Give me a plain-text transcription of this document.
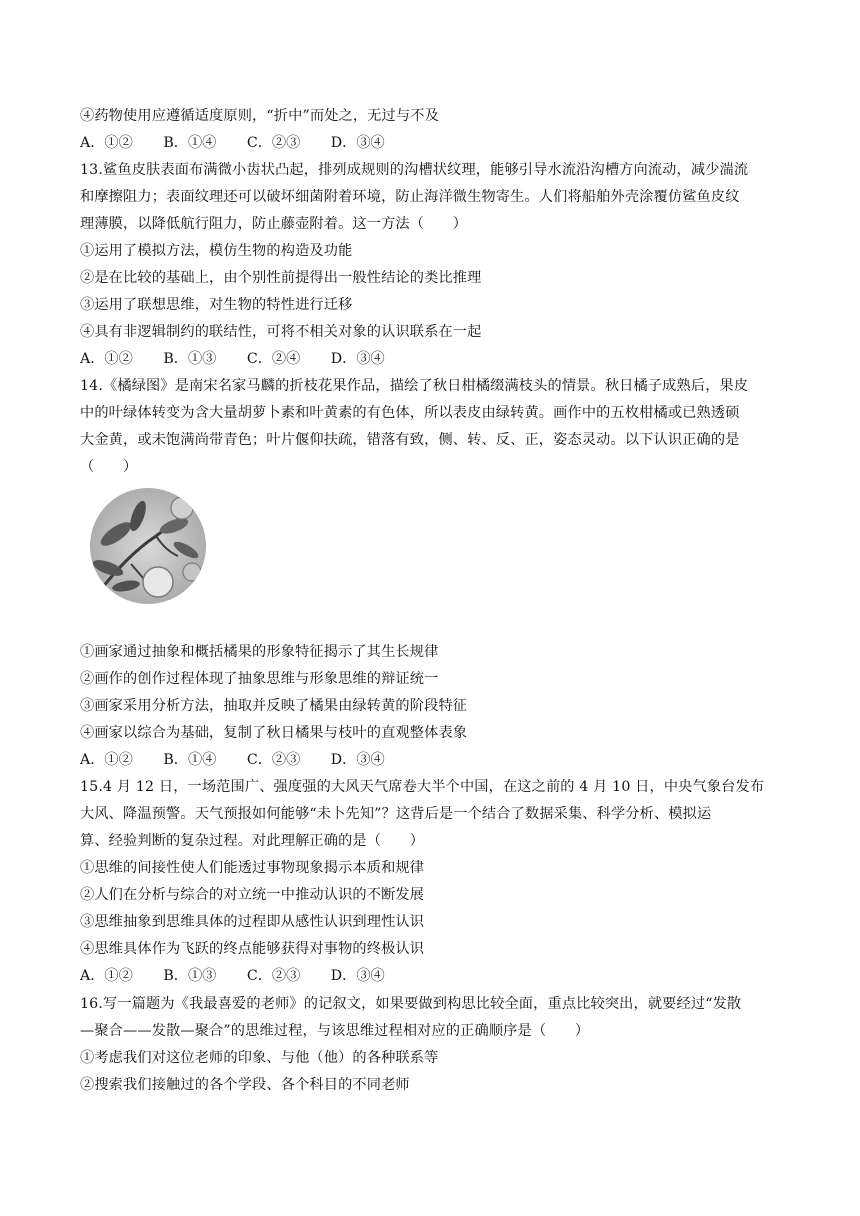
④药物使用应遵循适度原则，“折中”而处之，无过与不及
A．①② B．①④ C．②③ D．③④
13.鲨鱼皮肤表面布满微小齿状凸起，排列成规则的沟槽状纹理，能够引导水流沿沟槽方向流动，减少湍流
和摩擦阻力；表面纹理还可以破坏细菌附着环境，防止海洋微生物寄生。人们将船舶外壳涂覆仿鲨鱼皮纹
理薄膜，以降低航行阻力，防止藤壶附着。这一方法（　　）
①运用了模拟方法，模仿生物的构造及功能
②是在比较的基础上，由个别性前提得出一般性结论的类比推理
③运用了联想思维，对生物的特性进行迁移
④具有非逻辑制约的联结性，可将不相关对象的认识联系在一起
A．①② B．①③ C．②④ D．③④
14.《橘绿图》是南宋名家马麟的折枝花果作品，描绘了秋日柑橘缀满枝头的情景。秋日橘子成熟后，果皮
中的叶绿体转变为含大量胡萝卜素和叶黄素的有色体，所以表皮由绿转黄。画作中的五枚柑橘或已熟透硕
大金黄，或未饱满尚带青色；叶片偃仰扶疏，错落有致，侧、转、反、正，姿态灵动。以下认识正确的是
（　　）
①画家通过抽象和概括橘果的形象特征揭示了其生长规律
②画作的创作过程体现了抽象思维与形象思维的辩证统一
③画家采用分析方法，抽取并反映了橘果由绿转黄的阶段特征
④画家以综合为基础，复制了秋日橘果与枝叶的直观整体表象
A．①② B．①④ C．②③ D．③④
15.4 月 12 日，一场范围广、强度强的大风天气席卷大半个中国，在这之前的 4 月 10 日，中央气象台发布
大风、降温预警。天气预报如何能够“未卜先知”？这背后是一个结合了数据采集、科学分析、模拟运
算、经验判断的复杂过程。对此理解正确的是（　　）
①思维的间接性使人们能透过事物现象揭示本质和规律
②人们在分析与综合的对立统一中推动认识的不断发展
③思维抽象到思维具体的过程即从感性认识到理性认识
④思维具体作为飞跃的终点能够获得对事物的终极认识
A．①② B．①③ C．②③ D．③④
16.写一篇题为《我最喜爱的老师》的记叙文，如果要做到构思比较全面，重点比较突出，就要经过“发散
—聚合——发散—聚合”的思维过程，与该思维过程相对应的正确顺序是（　　）
①考虑我们对这位老师的印象、与他（他）的各种联系等
②搜索我们接触过的各个学段、各个科目的不同老师
